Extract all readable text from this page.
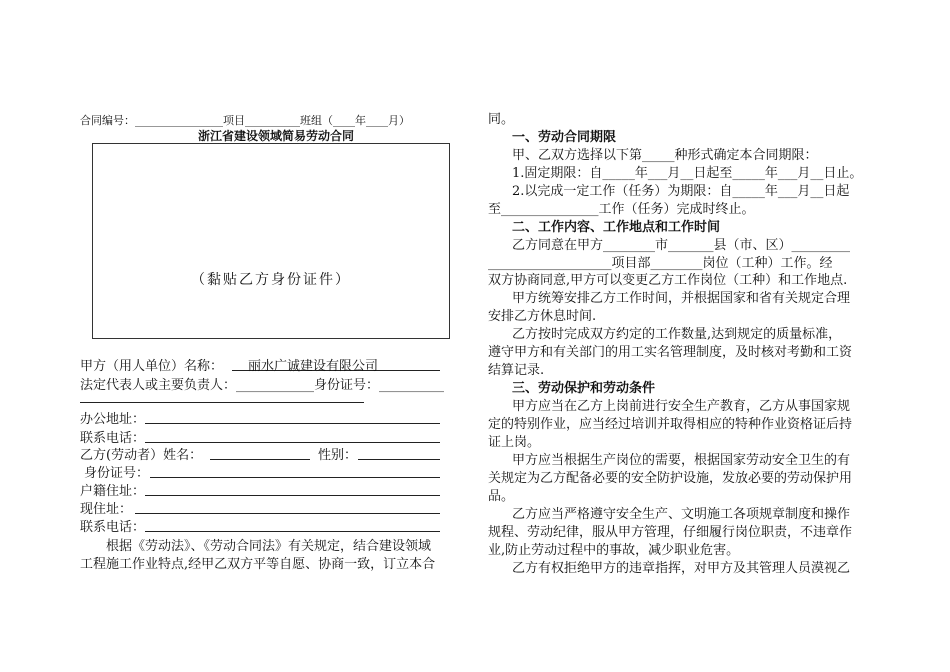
合同编号：________________项目__________班组（____年____月）
浙江省建设领域简易劳动合同
（黏贴乙方身份证件）
甲方（用人单位）名称： 丽水广诚建设有限公司
法定代表人或主要负责人：____________身份证号：__________
办公地址：
联系电话：
乙方(劳动者）姓名：	性别：
身份证号：
户籍住址：
现住址：
联系电话：
根据《劳动法》、《劳动合同法》有关规定，结合建设领域
工程施工作业特点,经甲乙双方平等自愿、协商一致，订立本合
同。
一、劳动合同期限
甲、乙双方选择以下第_____种形式确定本合同期限：
1.固定期限：自_____年___月__日起至_____年___月__日止。
2.以完成一定工作（任务）为期限：自_____年___月__日起
至_______________工作（任务）完成时终止。
二、工作内容、工作地点和工作时间
乙方同意在甲方________市_______县（市、区）_________
___________________项目部________岗位（工种）工作。经
双方协商同意,甲方可以变更乙方工作岗位（工种）和工作地点.
甲方统筹安排乙方工作时间，并根据国家和省有关规定合理
安排乙方休息时间.
乙方按时完成双方约定的工作数量,达到规定的质量标准，
遵守甲方和有关部门的用工实名管理制度，及时核对考勤和工资
结算记录.
三、劳动保护和劳动条件
甲方应当在乙方上岗前进行安全生产教育，乙方从事国家规
定的特别作业，应当经过培训并取得相应的特种作业资格证后持
证上岗。
甲方应当根据生产岗位的需要，根据国家劳动安全卫生的有
关规定为乙方配备必要的安全防护设施，发放必要的劳动保护用
品。
乙方应当严格遵守安全生产、文明施工各项规章制度和操作
规程、劳动纪律，服从甲方管理，仔细履行岗位职责，不违章作
业,防止劳动过程中的事故，减少职业危害。
乙方有权拒绝甲方的违章指挥，对甲方及其管理人员漠视乙
